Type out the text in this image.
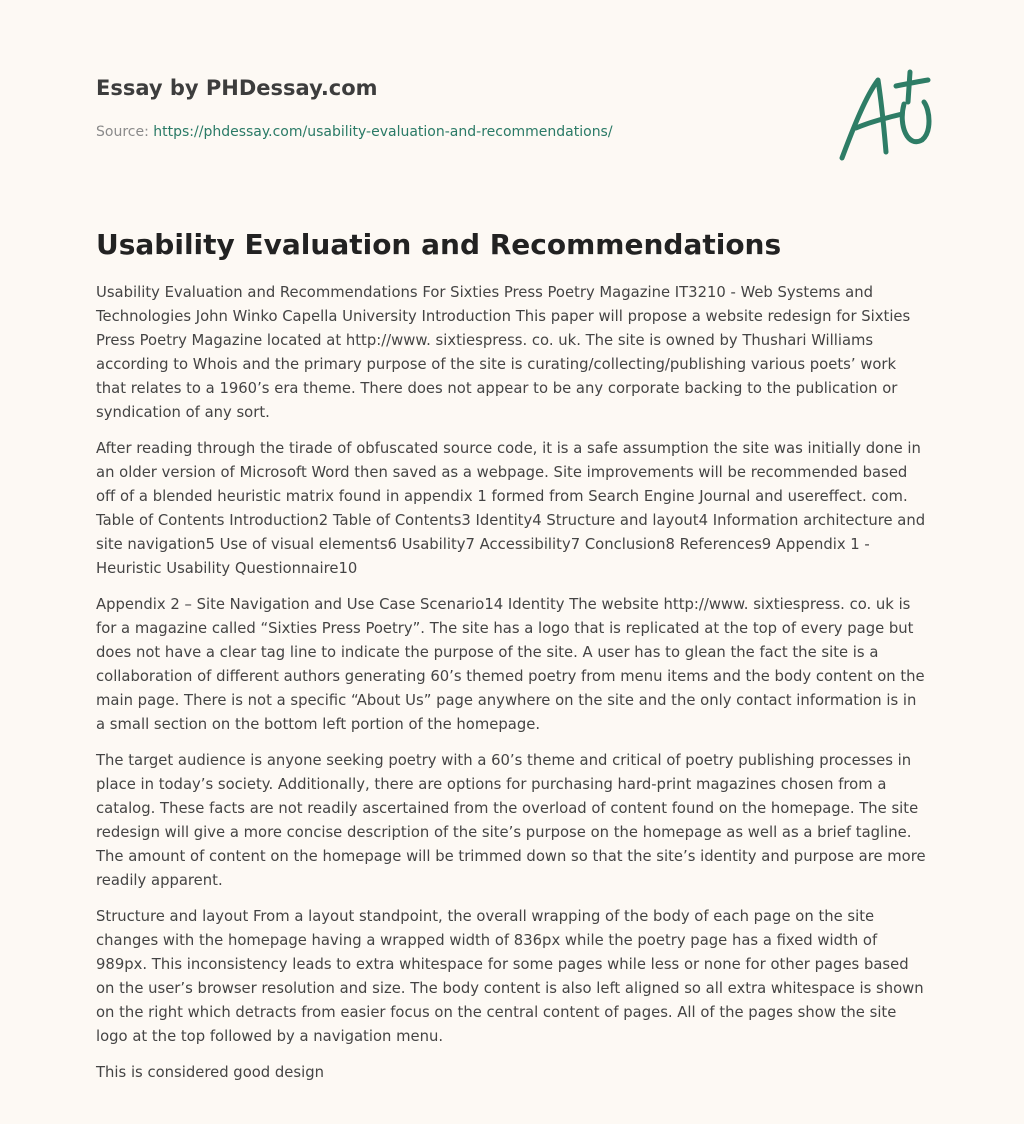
Essay by PHDessay.com
Source: https://phdessay.com/usability-evaluation-and-recommendations/
Usability Evaluation and Recommendations

Usability Evaluation and Recommendations For Sixties Press Poetry Magazine IT3210 - Web Systems and Technologies John Winko Capella University Introduction This paper will propose a website redesign for Sixties Press Poetry Magazine located at http://www. sixtiespress. co. uk. The site is owned by Thushari Williams according to Whois and the primary purpose of the site is curating/collecting/publishing various poets’ work that relates to a 1960’s era theme. There does not appear to be any corporate backing to the publication or syndication of any sort.

After reading through the tirade of obfuscated source code, it is a safe assumption the site was initially done in an older version of Microsoft Word then saved as a webpage. Site improvements will be recommended based off of a blended heuristic matrix found in appendix 1 formed from Search Engine Journal and usereffect. com. Table of Contents Introduction2 Table of Contents3 Identity4 Structure and layout4 Information architecture and site navigation5 Use of visual elements6 Usability7 Accessibility7 Conclusion8 References9 Appendix 1 - Heuristic Usability Questionnaire10

Appendix 2 – Site Navigation and Use Case Scenario14 Identity The website http://www. sixtiespress. co. uk is for a magazine called “Sixties Press Poetry”. The site has a logo that is replicated at the top of every page but does not have a clear tag line to indicate the purpose of the site. A user has to glean the fact the site is a collaboration of different authors generating 60’s themed poetry from menu items and the body content on the main page. There is not a specific “About Us” page anywhere on the site and the only contact information is in a small section on the bottom left portion of the homepage.

The target audience is anyone seeking poetry with a 60’s theme and critical of poetry publishing processes in place in today’s society. Additionally, there are options for purchasing hard-print magazines chosen from a catalog. These facts are not readily ascertained from the overload of content found on the homepage. The site redesign will give a more concise description of the site’s purpose on the homepage as well as a brief tagline. The amount of content on the homepage will be trimmed down so that the site’s identity and purpose are more readily apparent.

Structure and layout From a layout standpoint, the overall wrapping of the body of each page on the site changes with the homepage having a wrapped width of 836px while the poetry page has a fixed width of 989px. This inconsistency leads to extra whitespace for some pages while less or none for other pages based on the user’s browser resolution and size. The body content is also left aligned so all extra whitespace is shown on the right which detracts from easier focus on the central content of pages. All of the pages show the site logo at the top followed by a navigation menu.

This is considered good design
